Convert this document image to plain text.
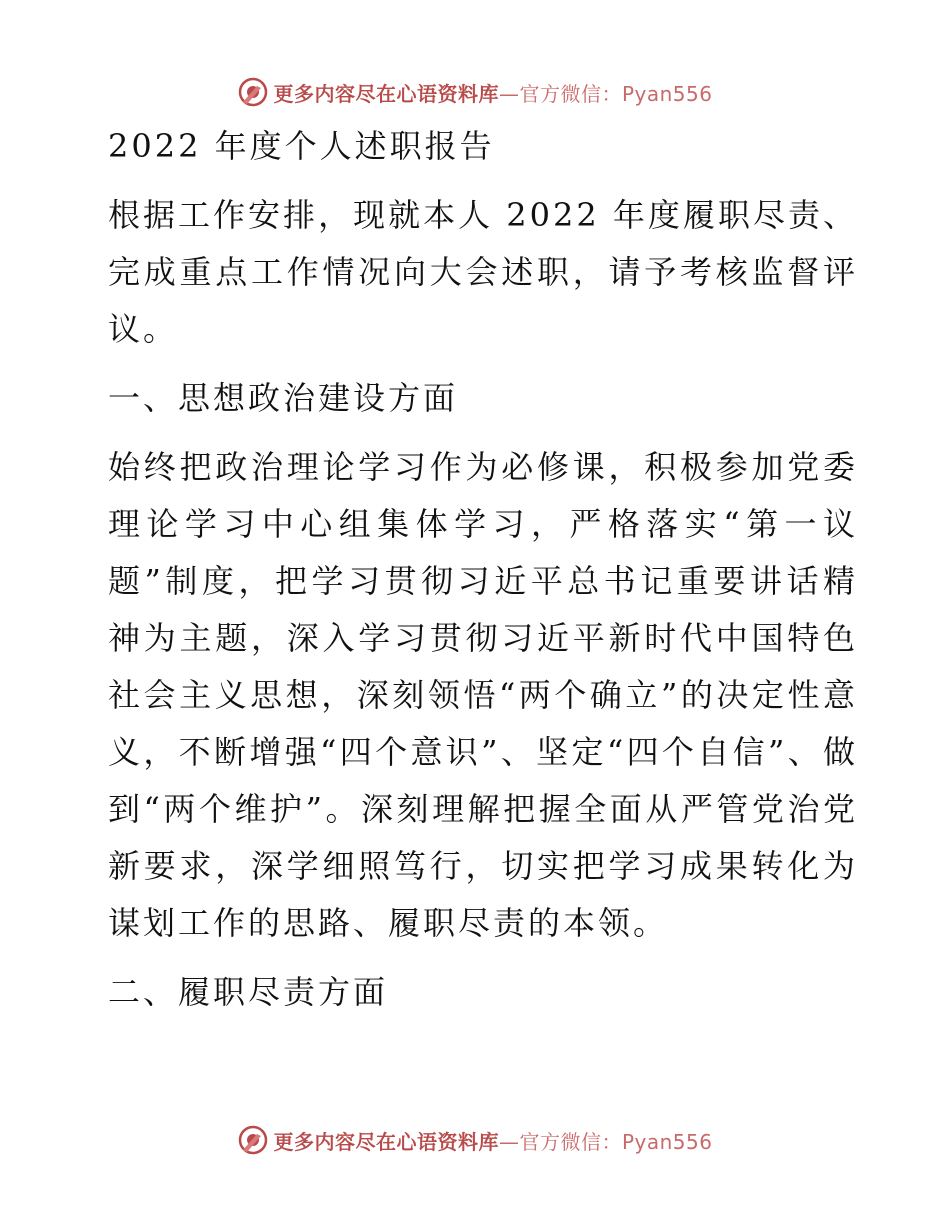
更多内容尽在心语资料库—官方微信：Pyan556
2022 年度个人述职报告
根据工作安排，现就本人 2022 年度履职尽责、完成重点工作情况向大会述职，请予考核监督评议。
一、思想政治建设方面
始终把政治理论学习作为必修课，积极参加党委理论学习中心组集体学习，严格落实“第一议题”制度，把学习贯彻习近平总书记重要讲话精神为主题，深入学习贯彻习近平新时代中国特色社会主义思想，深刻领悟“两个确立”的决定性意义，不断增强“四个意识”、坚定“四个自信”、做到“两个维护”。深刻理解把握全面从严管党治党新要求，深学细照笃行，切实把学习成果转化为谋划工作的思路、履职尽责的本领。
二、履职尽责方面
更多内容尽在心语资料库—官方微信：Pyan556
